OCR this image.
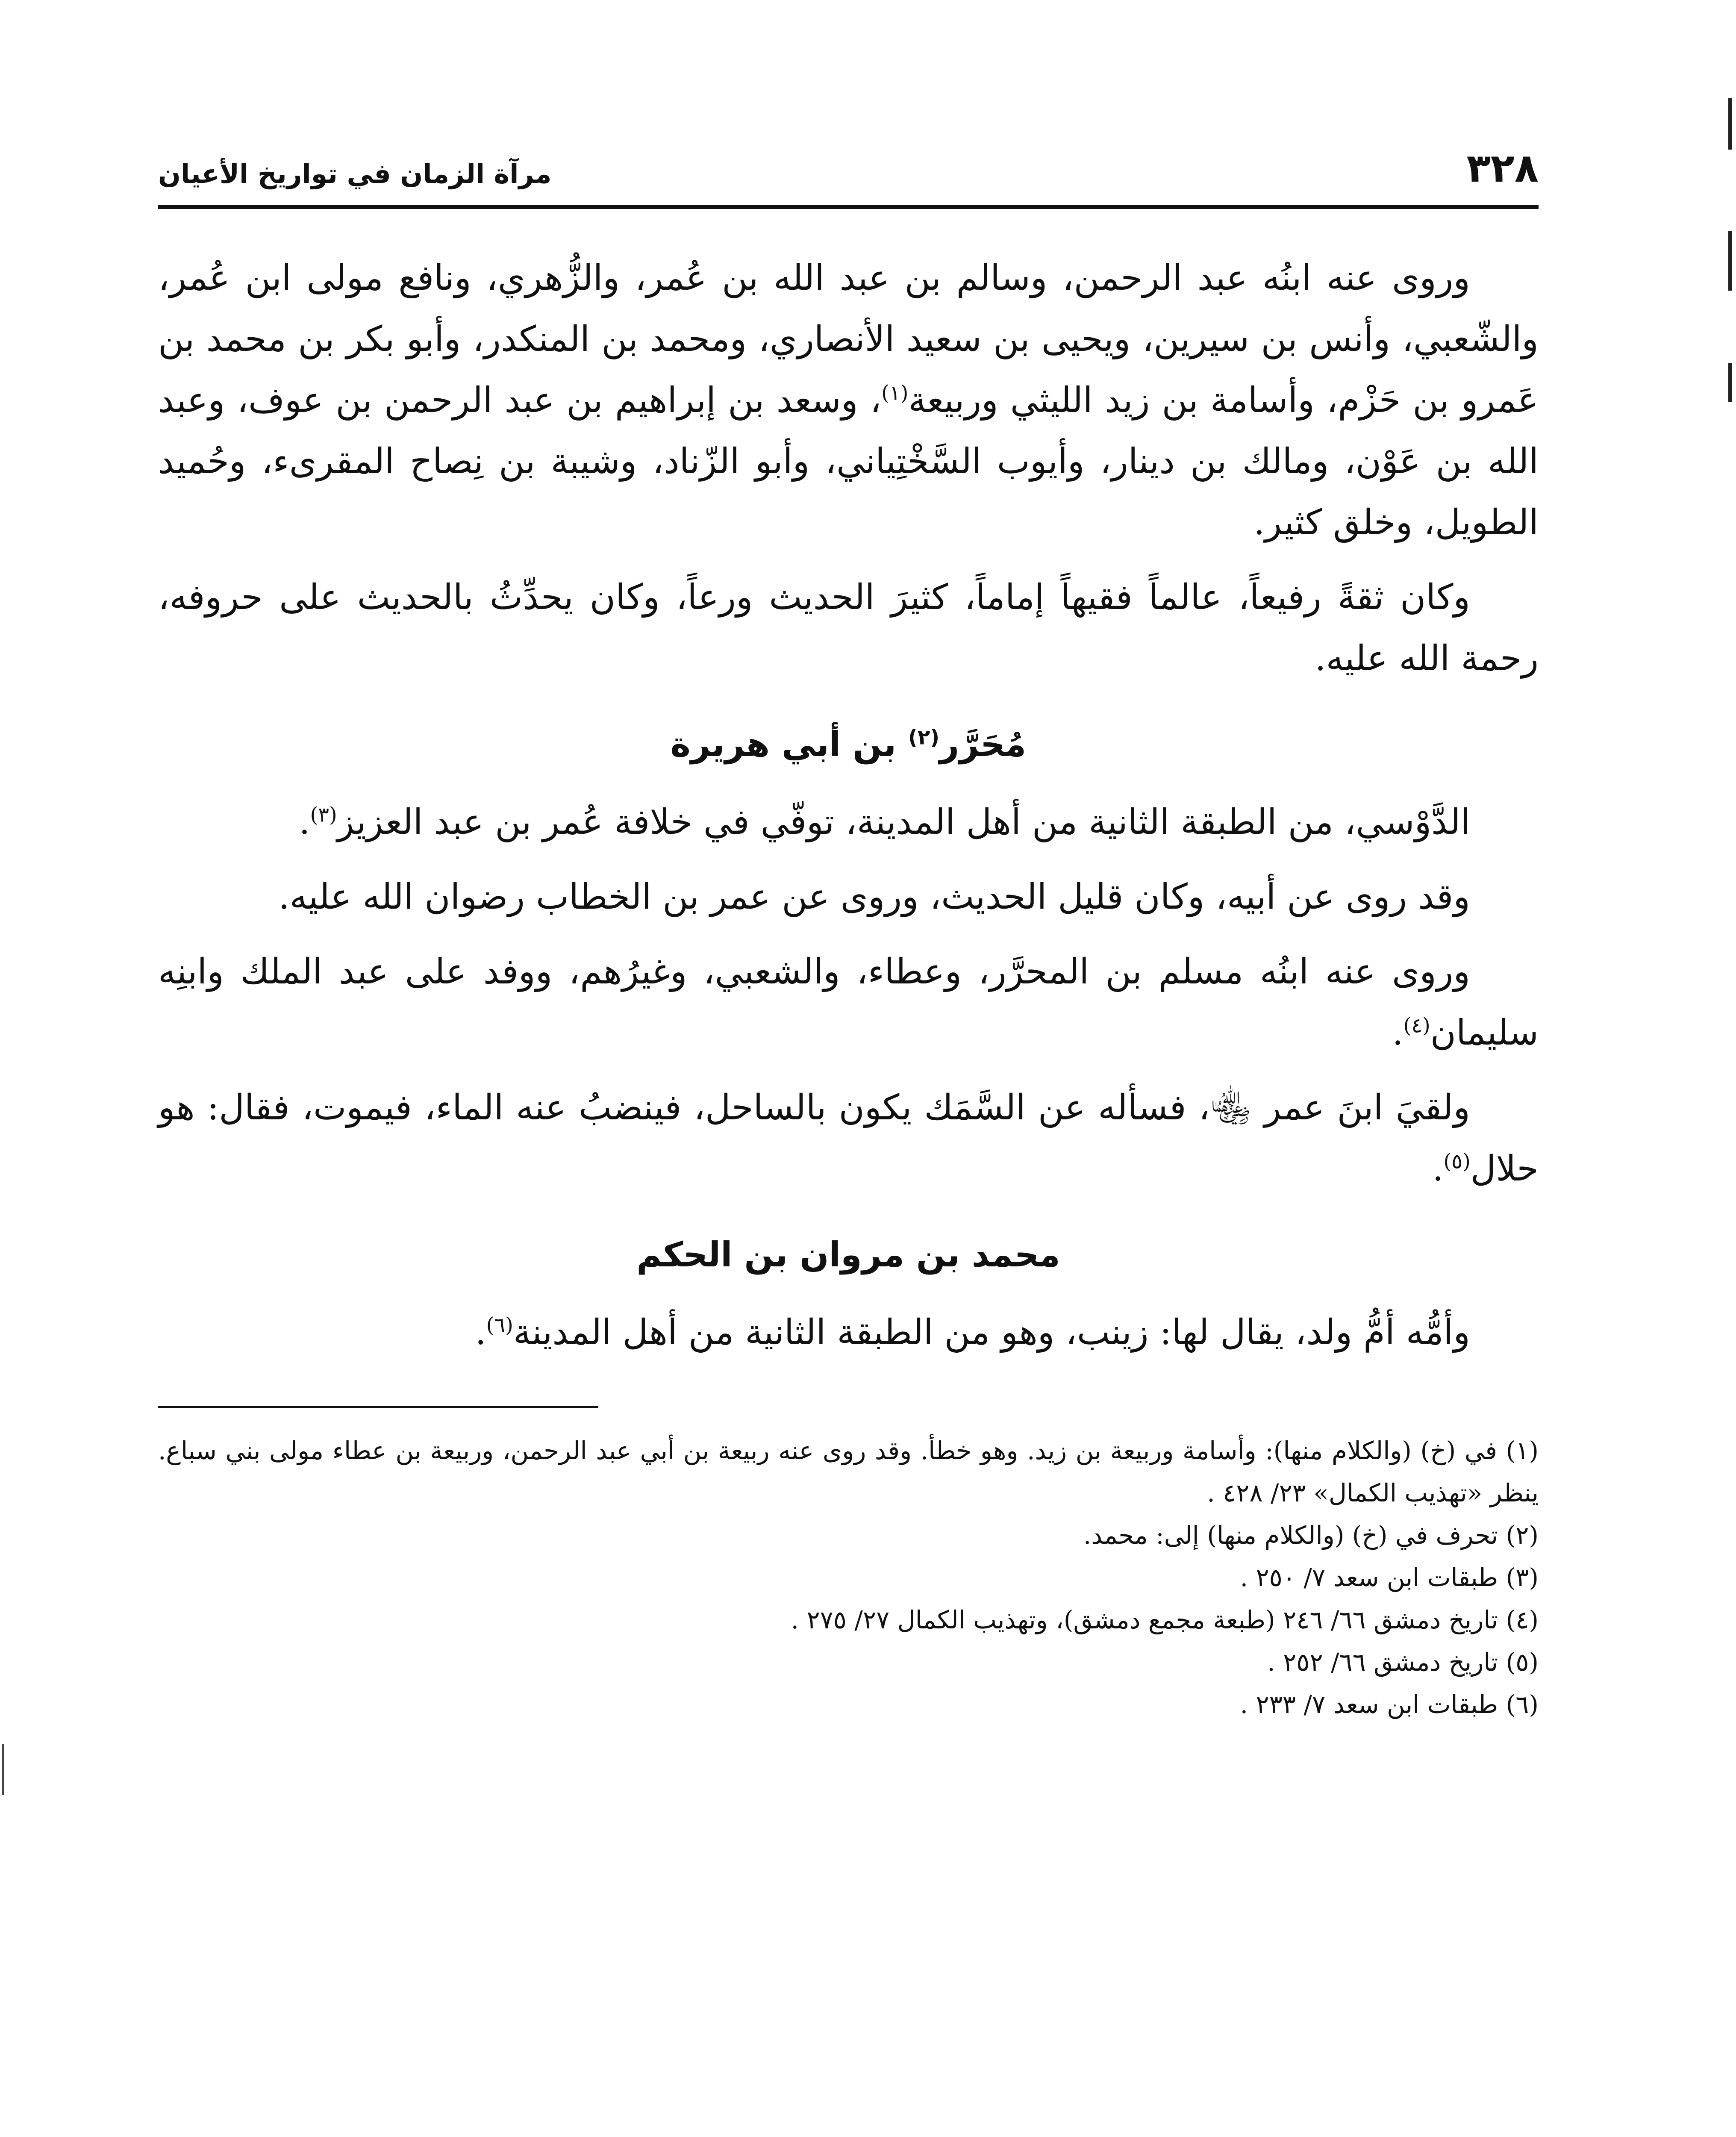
٣٢٨
مرآة الزمان في تواريخ الأعيان

وروى عنه ابنُه عبد الرحمن، وسالم بن عبد الله بن عُمر، والزُّهري، ونافع مولى ابن عُمر، والشّعبي، وأنس بن سيرين، ويحيى بن سعيد الأنصاري، ومحمد بن المنكدر، وأبو بكر بن محمد بن عَمرو بن حَزْم، وأسامة بن زيد الليثي وربيعة$^{(١)}$، وسعد بن إبراهيم بن عبد الرحمن بن عوف، وعبد الله بن عَوْن، ومالك بن دينار، وأيوب السَّخْتِياني، وأبو الزّناد، وشيبة بن نِصاح المقرىء، وحُميد الطويل، وخلق كثير.

وكان ثقةً رفيعاً، عالماً فقيهاً إماماً، كثيرَ الحديث ورعاً، وكان يحدِّثُ بالحديث على حروفه، رحمة الله عليه.

مُحَرَّر$^{(٢)}$ بن أبي هريرة

الدَّوْسي، من الطبقة الثانية من أهل المدينة، توفّي في خلافة عُمر بن عبد العزيز$^{(٣)}$.

وقد روى عن أبيه، وكان قليل الحديث، وروى عن عمر بن الخطاب رضوان الله عليه.

وروى عنه ابنُه مسلم بن المحرَّر، وعطاء، والشعبي، وغيرُهم، ووفد على عبد الملك وابنِه سليمان$^{(٤)}$.

ولقيَ ابنَ عمر ﵄، فسأله عن السَّمَك يكون بالساحل، فينضبُ عنه الماء، فيموت، فقال: هو حلال$^{(٥)}$.

محمد بن مروان بن الحكم

وأمُّه أمُّ ولد، يقال لها: زينب، وهو من الطبقة الثانية من أهل المدينة$^{(٦)}$.

(١) في (خ) (والكلام منها): وأسامة وربيعة بن زيد. وهو خطأ. وقد روى عنه ربيعة بن أبي عبد الرحمن، وربيعة بن عطاء مولى بني سباع. ينظر «تهذيب الكمال» ٢٣/ ٤٢٨ .

(٢) تحرف في (خ) (والكلام منها) إلى: محمد.

(٣) طبقات ابن سعد ٧/ ٢٥٠ .

(٤) تاريخ دمشق ٦٦/ ٢٤٦ (طبعة مجمع دمشق)، وتهذيب الكمال ٢٧/ ٢٧٥ .

(٥) تاريخ دمشق ٦٦/ ٢٥٢ .

(٦) طبقات ابن سعد ٧/ ٢٣٣ .
